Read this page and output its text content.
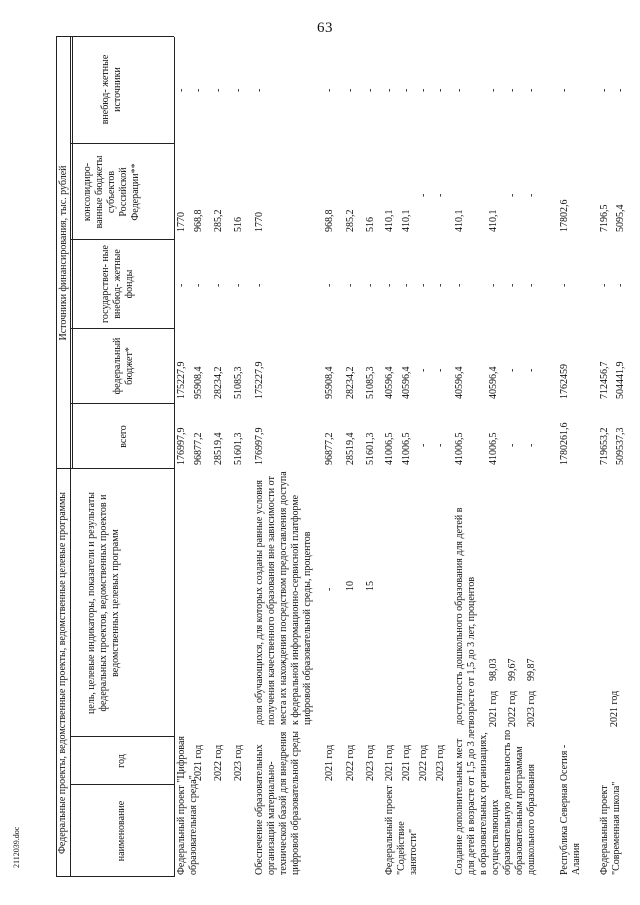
63
2112039.doc	Федеральные проекты, ведомственные проекты, ведомственные целевые программы
Источники финансирования, тыс. рублей
наименование
год
цель, целевые индикаторы, показатели и результаты федеральных проектов, ведомственных проектов и ведомственных целевых программ
всего
федеральный бюджет*
государствен- ные внебюд- жетные фонды
консолидиро- ванные бюджеты субъектов Российской Федерации**
внебюд- жетные источники
Федеральный проект "Цифровая образовательная среда"
176997,9
175227,9
-
1770
-
2021 год
96877,2
95908,4
-
968,8
-
2022 год
28519,4
28234,2
-
285,2
-
2023 год
51601,3
51085,3
-
516
-
Обеспечение образовательных организаций материально-технической базой для внедрения цифровой образовательной среды
доля обучающихся, для которых созданы равные условия получения качественного образования вне зависимости от места их нахождения посредством предоставления доступа к федеральной информационно-сервисной платформе цифровой образовательной среды, процентов
176997,9
175227,9
-
1770
-
2021 год
-
96877,2
95908,4
-
968,8
-
2022 год
10
28519,4
28234,2
-
285,2
-
2023 год
15
51601,3
51085,3
-
516
-
Федеральный проект "Содействие занятости"
2021 год
41006,5
40596,4
-
410,1
-
2021 год
41006,5
40596,4
-
410,1
-
2022 год
-
-
-
-
-
2023 год
-
-
-
-
-
Создание дополнительных мест для детей в возрасте от 1,5 до 3 лет в образовательных организациях, осуществляющих образовательную деятельность по образовательным программам дошкольного образования
доступность дошкольного образования для детей в возрасте от 1,5 до 3 лет, процентов
41006,5
40596,4
-
410,1
-
2021 год
98,03
41006,5
40596,4
-
410,1
-
2022 год
99,67
-
-
-
-
-
2023 год
99,87
-
-
-
-
-
Республика Северная Осетия - Алания
1780261,6
1762459
-
17802,6
-
Федеральный проект "Современная школа"
2021 год
719653,2
712456,7
-
7196,5
-
509537,3
504441,9
-
5095,4
-
